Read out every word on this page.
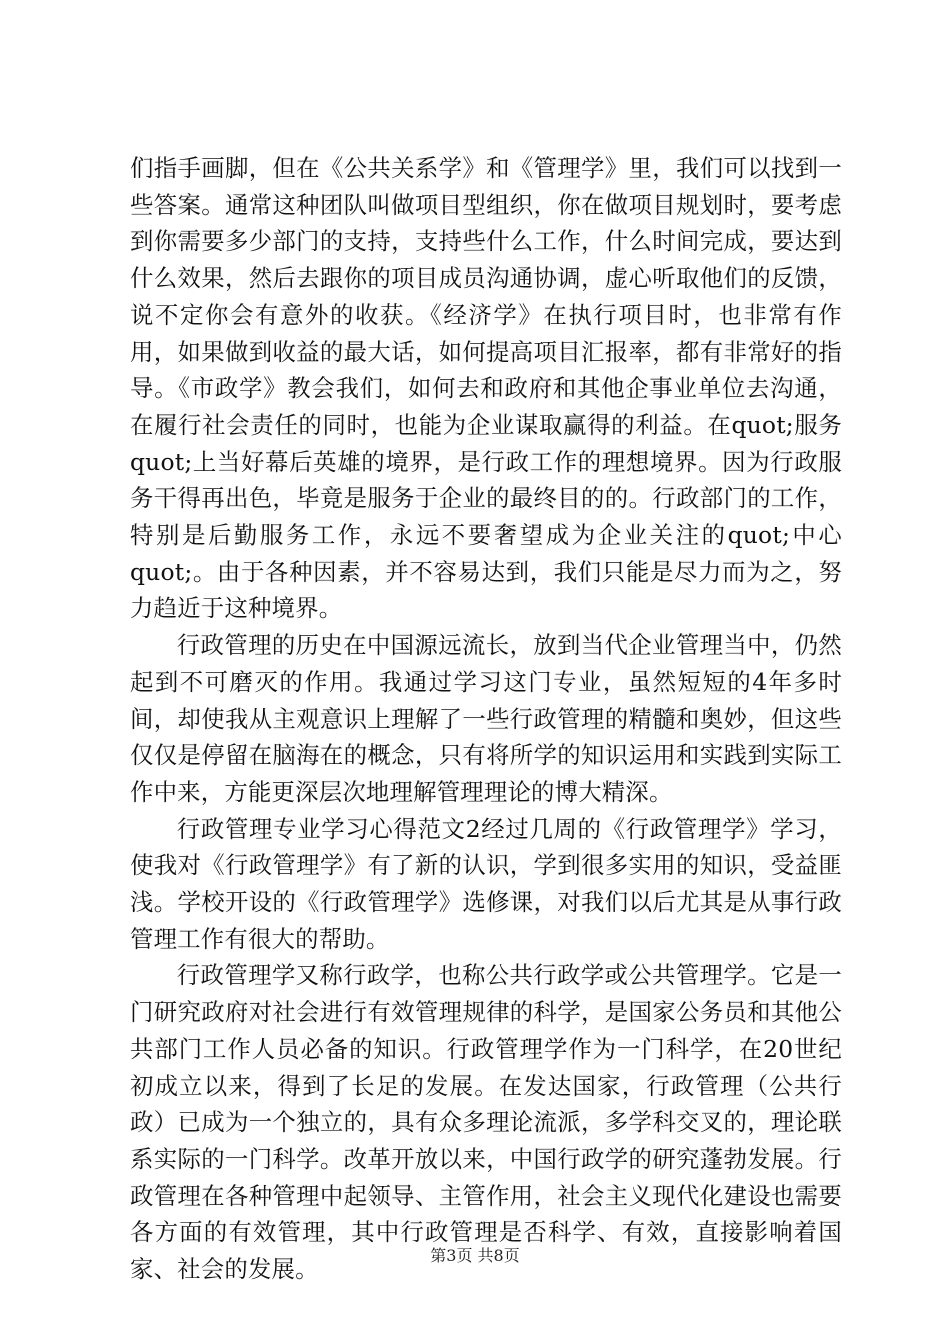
们指手画脚，但在《公共关系学》和《管理学》里，我们可以找到一些答案。通常这种团队叫做项目型组织，你在做项目规划时，要考虑到你需要多少部门的支持，支持些什么工作，什么时间完成，要达到什么效果，然后去跟你的项目成员沟通协调，虚心听取他们的反馈，说不定你会有意外的收获。《经济学》在执行项目时，也非常有作用，如果做到收益的最大话，如何提高项目汇报率，都有非常好的指导。《市政学》教会我们，如何去和政府和其他企事业单位去沟通，在履行社会责任的同时，也能为企业谋取赢得的利益。在quot;服务quot;上当好幕后英雄的境界，是行政工作的理想境界。因为行政服务干得再出色，毕竟是服务于企业的最终目的的。行政部门的工作，特别是后勤服务工作，永远不要奢望成为企业关注的quot;中心quot;。由于各种因素，并不容易达到，我们只能是尽力而为之，努力趋近于这种境界。

行政管理的历史在中国源远流长，放到当代企业管理当中，仍然起到不可磨灭的作用。我通过学习这门专业，虽然短短的4年多时间，却使我从主观意识上理解了一些行政管理的精髓和奥妙，但这些仅仅是停留在脑海在的概念，只有将所学的知识运用和实践到实际工作中来，方能更深层次地理解管理理论的博大精深。

行政管理专业学习心得范文2经过几周的《行政管理学》学习，使我对《行政管理学》有了新的认识，学到很多实用的知识，受益匪浅。学校开设的《行政管理学》选修课，对我们以后尤其是从事行政管理工作有很大的帮助。

行政管理学又称行政学，也称公共行政学或公共管理学。它是一门研究政府对社会进行有效管理规律的科学，是国家公务员和其他公共部门工作人员必备的知识。行政管理学作为一门科学，在20世纪初成立以来，得到了长足的发展。在发达国家，行政管理（公共行政）已成为一个独立的，具有众多理论流派，多学科交叉的，理论联系实际的一门科学。改革开放以来，中国行政学的研究蓬勃发展。行政管理在各种管理中起领导、主管作用，社会主义现代化建设也需要各方面的有效管理，其中行政管理是否科学、有效，直接影响着国家、社会的发展。	第3页 共8页
